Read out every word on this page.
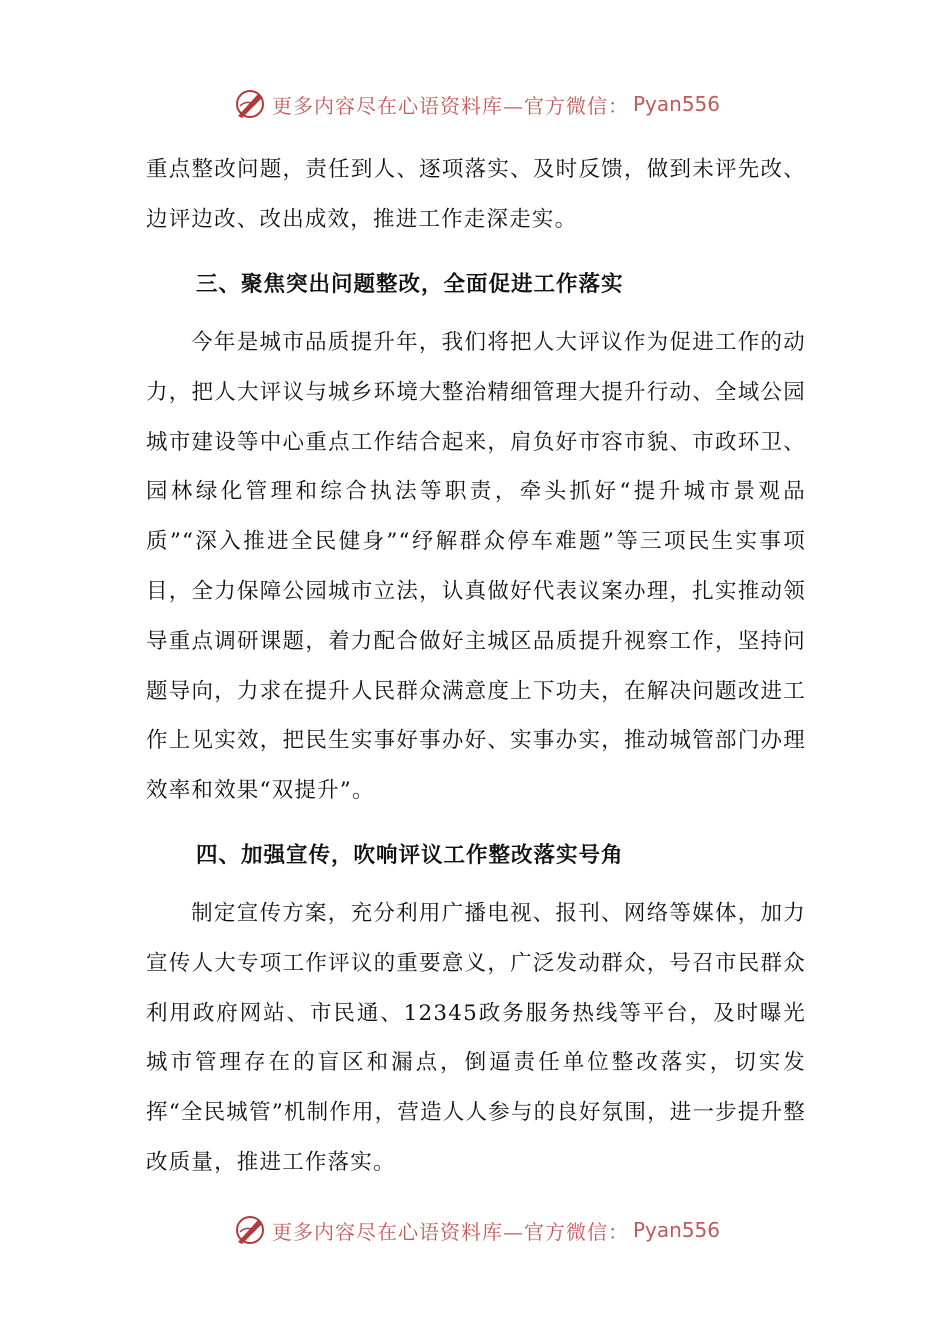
更多内容尽在心语资料库—官方微信： Pyan556

重点整改问题，责任到人、逐项落实、及时反馈，做到未评先改、边评边改、改出成效，推进工作走深走实。

三、聚焦突出问题整改，全面促进工作落实

今年是城市品质提升年，我们将把人大评议作为促进工作的动力，把人大评议与城乡环境大整治精细管理大提升行动、全域公园城市建设等中心重点工作结合起来，肩负好市容市貌、市政环卫、园林绿化管理和综合执法等职责，牵头抓好“提升城市景观品质”“深入推进全民健身”“纾解群众停车难题”等三项民生实事项目，全力保障公园城市立法，认真做好代表议案办理，扎实推动领导重点调研课题，着力配合做好主城区品质提升视察工作，坚持问题导向，力求在提升人民群众满意度上下功夫，在解决问题改进工作上见实效，把民生实事好事办好、实事办实，推动城管部门办理效率和效果“双提升”。

四、加强宣传，吹响评议工作整改落实号角

制定宣传方案，充分利用广播电视、报刊、网络等媒体，加力宣传人大专项工作评议的重要意义，广泛发动群众，号召市民群众利用政府网站、市民通、12345政务服务热线等平台，及时曝光城市管理存在的盲区和漏点，倒逼责任单位整改落实，切实发挥“全民城管”机制作用，营造人人参与的良好氛围，进一步提升整改质量，推进工作落实。

更多内容尽在心语资料库—官方微信： Pyan556
